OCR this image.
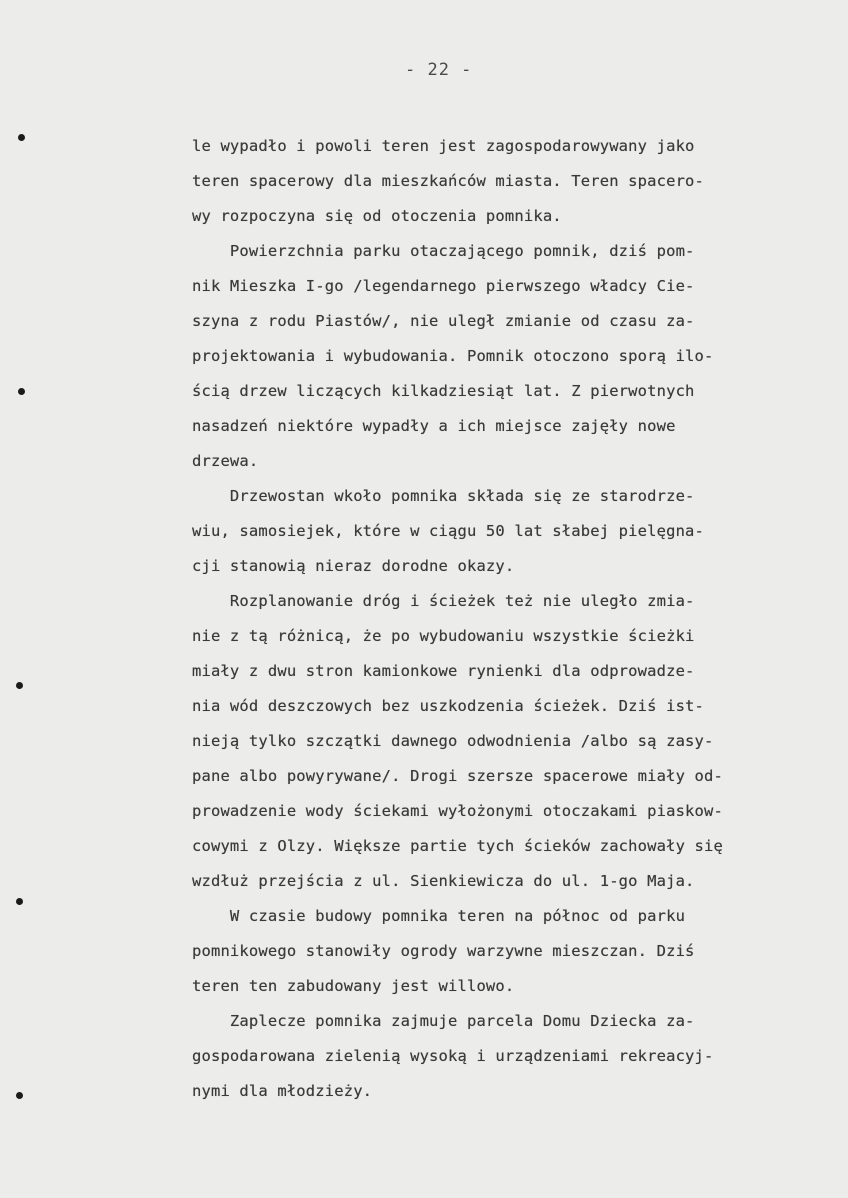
- 22 -
le wypadło i powoli teren jest zagospodarowywany jako
teren spacerowy dla mieszkańców miasta. Teren spacero-
wy rozpoczyna się od otoczenia pomnika.
Powierzchnia parku otaczającego pomnik, dziś pom-
nik Mieszka I-go /legendarnego pierwszego władcy Cie-
szyna z rodu Piastów/, nie uległ zmianie od czasu za-
projektowania i wybudowania. Pomnik otoczono sporą ilo-
ścią drzew liczących kilkadziesiąt lat. Z pierwotnych
nasadzeń niektóre wypadły a ich miejsce zajęły nowe
drzewa.
Drzewostan wkoło pomnika składa się ze starodrze-
wiu, samosiejek, które w ciągu 50 lat słabej pielęgna-
cji stanowią nieraz dorodne okazy.
Rozplanowanie dróg i ścieżek też nie uległo zmia-
nie z tą różnicą, że po wybudowaniu wszystkie ścieżki
miały z dwu stron kamionkowe rynienki dla odprowadze-
nia wód deszczowych bez uszkodzenia ścieżek. Dziś ist-
nieją tylko szczątki dawnego odwodnienia /albo są zasy-
pane albo powyrywane/. Drogi szersze spacerowe miały od-
prowadzenie wody ściekami wyłożonymi otoczakami piaskow-
cowymi z Olzy. Większe partie tych ścieków zachowały się
wzdłuż przejścia z ul. Sienkiewicza do ul. 1-go Maja.
W czasie budowy pomnika teren na północ od parku
pomnikowego stanowiły ogrody warzywne mieszczan. Dziś
teren ten zabudowany jest willowo.
Zaplecze pomnika zajmuje parcela Domu Dziecka za-
gospodarowana zielenią wysoką i urządzeniami rekreacyj-
nymi dla młodzieży.
